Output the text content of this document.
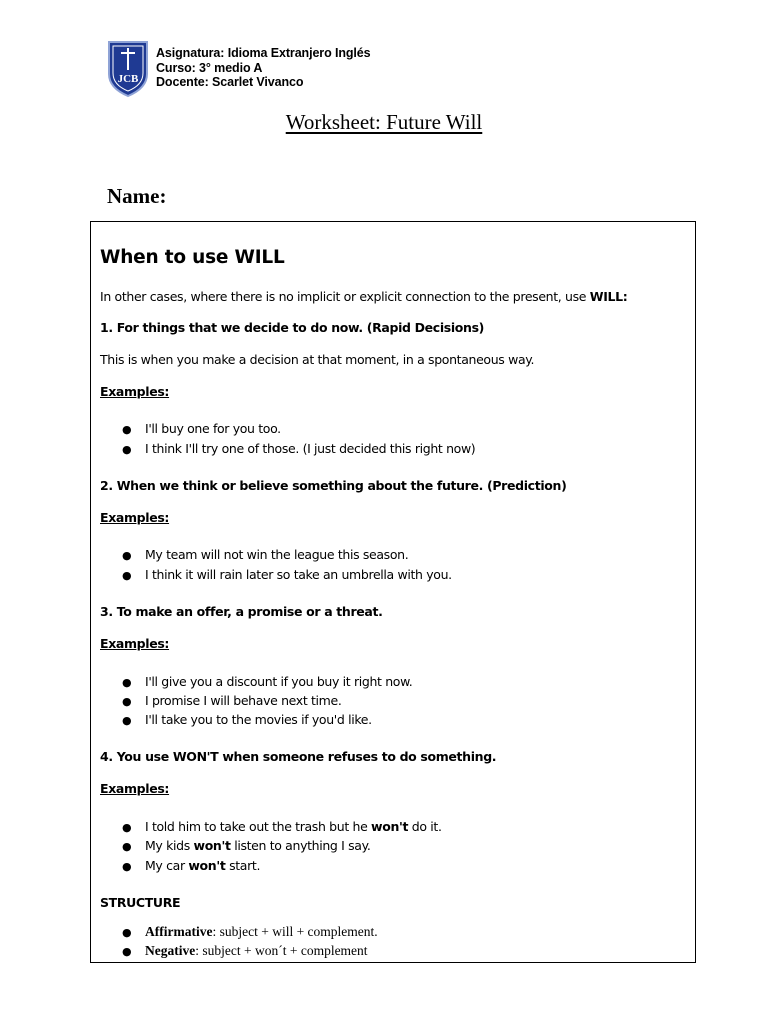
JCB
Asignatura: Idioma Extranjero Inglés
Curso: 3° medio A
Docente: Scarlet Vivanco
Worksheet: Future Will
Name:
When to use WILL
In other cases, where there is no implicit or explicit connection to the present, use WILL:
1. For things that we decide to do now. (Rapid Decisions)
This is when you make a decision at that moment, in a spontaneous way.
Examples:
● I'll buy one for you too.
● I think I'll try one of those. (I just decided this right now)
2. When we think or believe something about the future. (Prediction)
Examples:
● My team will not win the league this season.
● I think it will rain later so take an umbrella with you.
3. To make an offer, a promise or a threat.
Examples:
● I'll give you a discount if you buy it right now.
● I promise I will behave next time.
● I'll take you to the movies if you'd like.
4. You use WON'T when someone refuses to do something.
Examples:
● I told him to take out the trash but he won't do it.
● My kids won't listen to anything I say.
● My car won't start.
STRUCTURE
● Affirmative: subject + will + complement.
● Negative: subject + won´t + complement
